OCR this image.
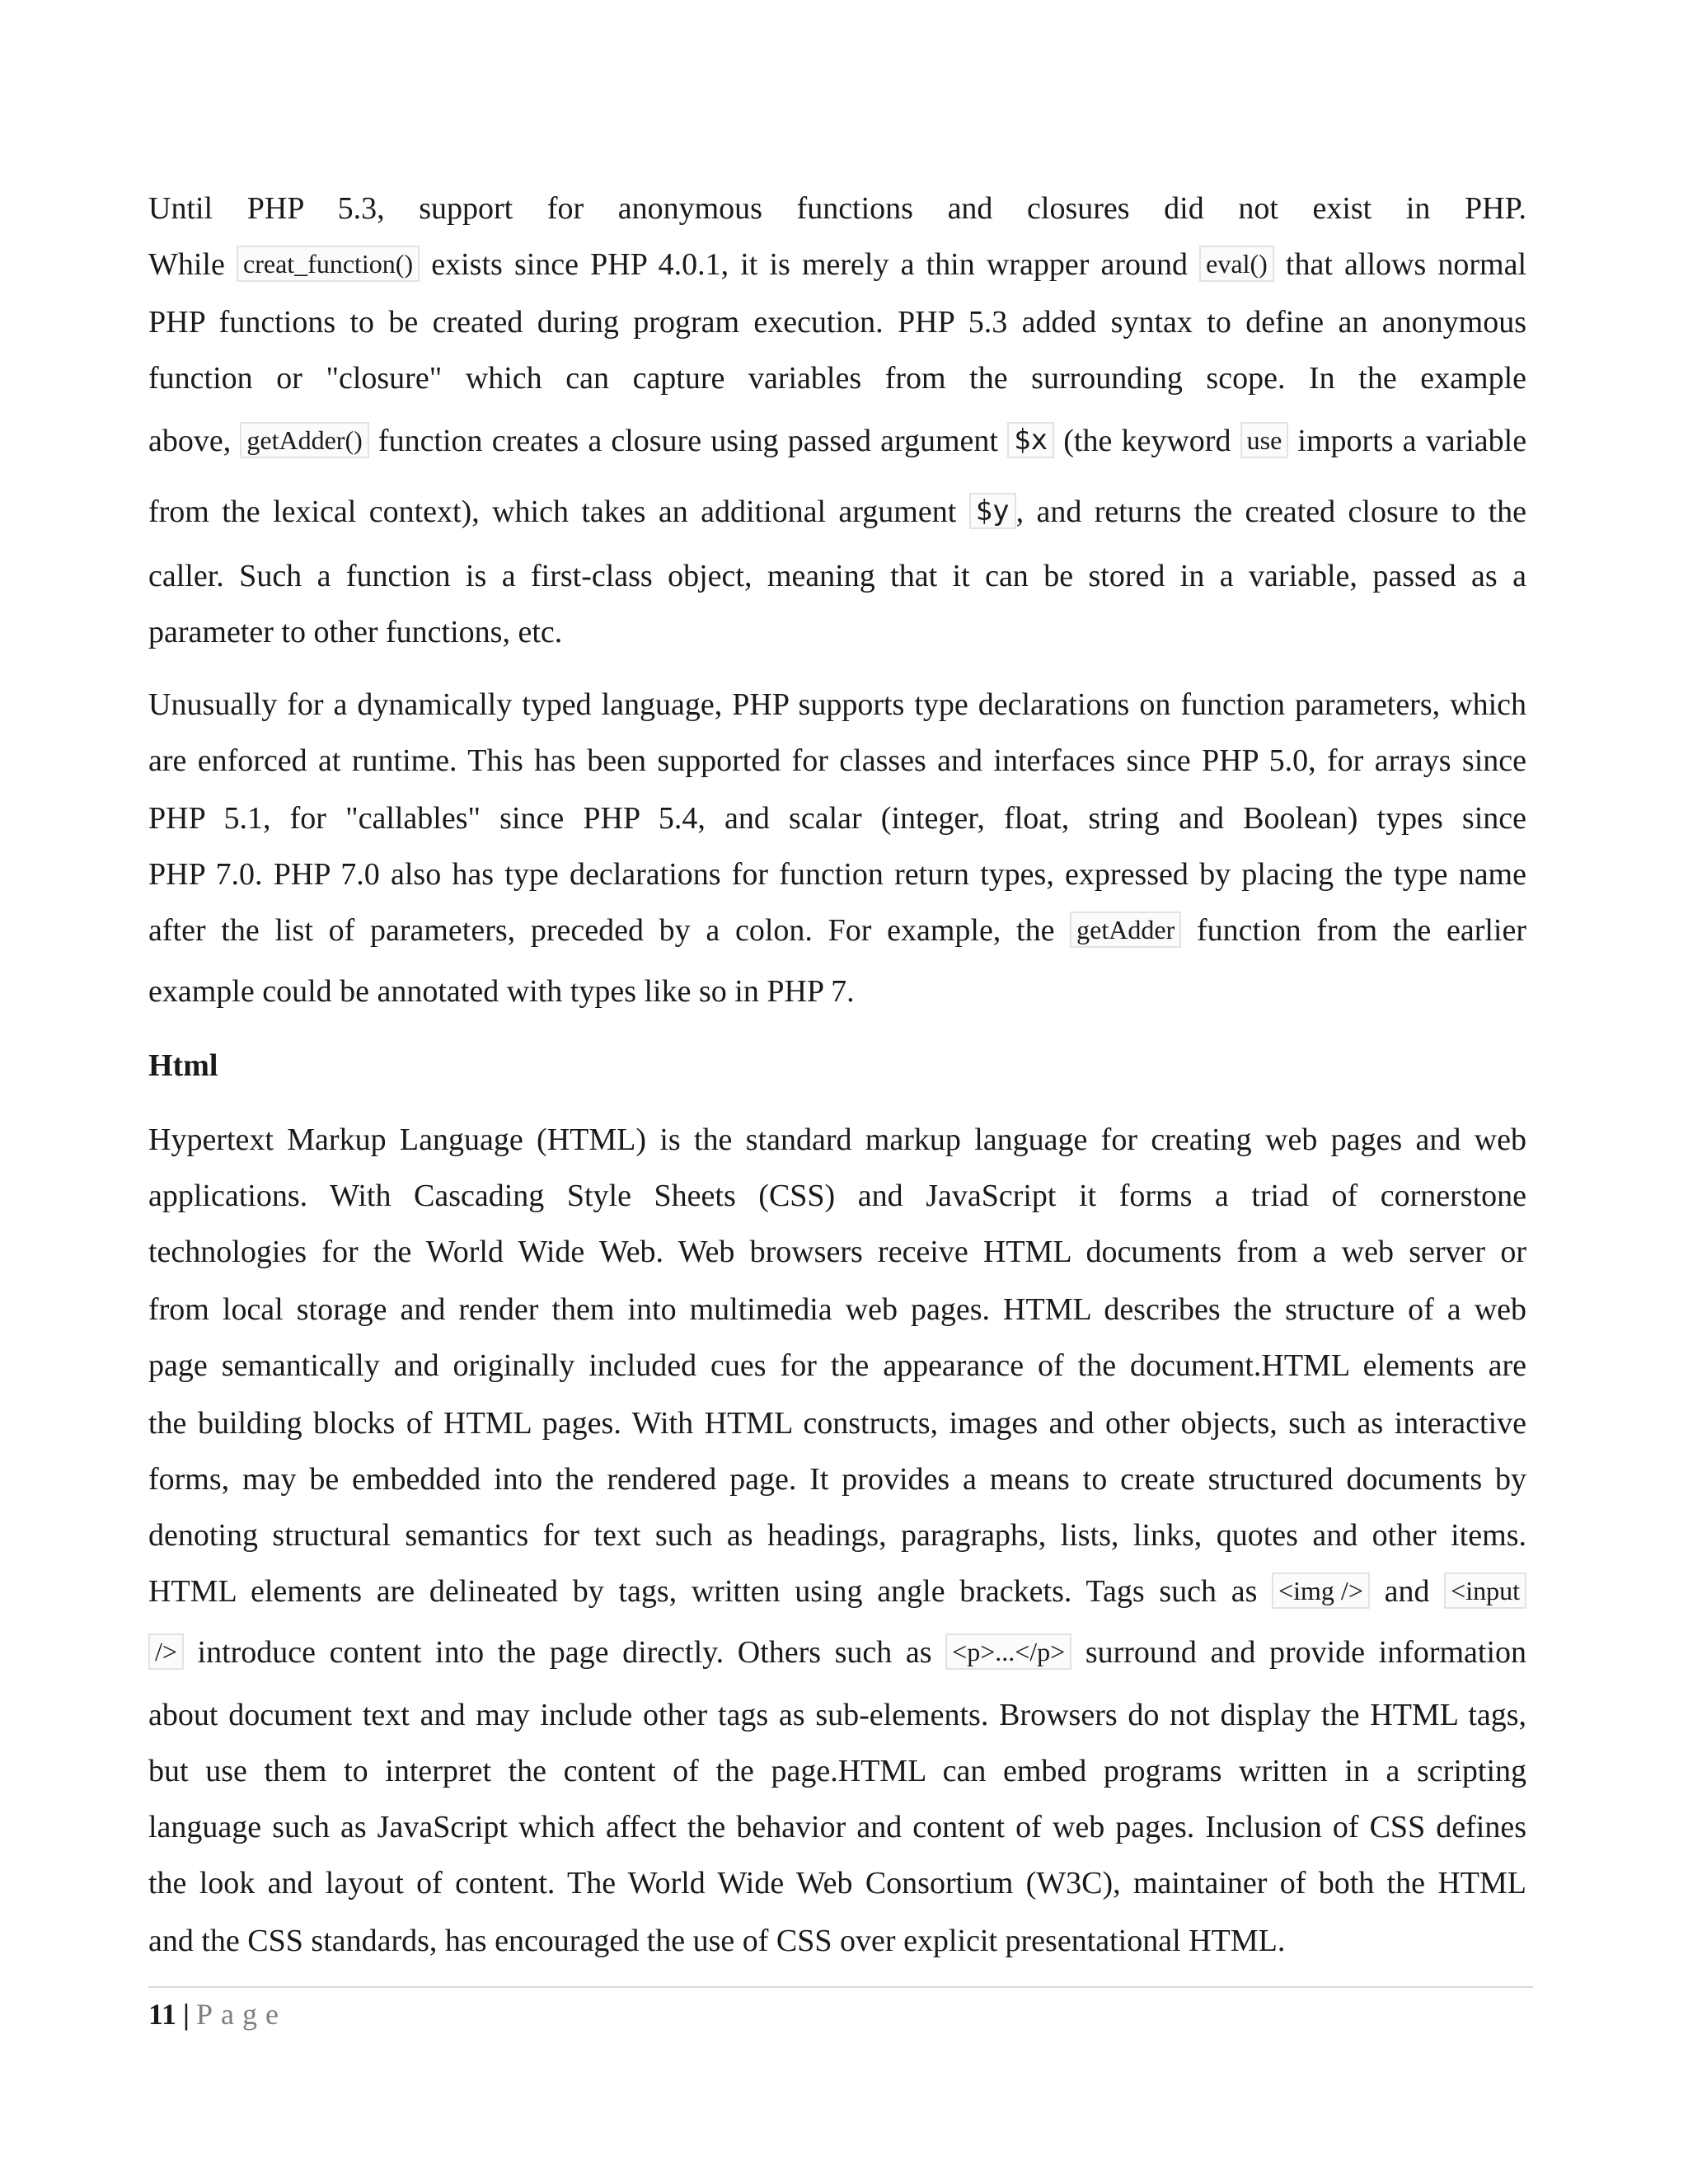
Until PHP 5.3, support for anonymous functions and closures did not exist in PHP.
While creat_function() exists since PHP 4.0.1, it is merely a thin wrapper around eval() that allows normal
PHP functions to be created during program execution. PHP 5.3 added syntax to define an anonymous
function or "closure" which can capture variables from the surrounding scope. In the example
above, getAdder() function creates a closure using passed argument $x (the keyword use imports a variable
from the lexical context), which takes an additional argument $y , and returns the created closure to the
caller. Such a function is a first-class object, meaning that it can be stored in a variable, passed as a
parameter to other functions, etc.
Unusually for a dynamically typed language, PHP supports type declarations on function parameters, which
are enforced at runtime. This has been supported for classes and interfaces since PHP 5.0, for arrays since
PHP 5.1, for "callables" since PHP 5.4, and scalar (integer, float, string and Boolean) types since
PHP 7.0. PHP 7.0 also has type declarations for function return types, expressed by placing the type name
after the list of parameters, preceded by a colon. For example, the getAdder function from the earlier
example could be annotated with types like so in PHP 7.
Html
Hypertext Markup Language (HTML) is the standard markup language for creating web pages and web
applications. With Cascading Style Sheets (CSS) and JavaScript it forms a triad of cornerstone
technologies for the World Wide Web. Web browsers receive HTML documents from a web server or
from local storage and render them into multimedia web pages. HTML describes the structure of a web
page semantically and originally included cues for the appearance of the document.HTML elements are
the building blocks of HTML pages. With HTML constructs, images and other objects, such as interactive
forms, may be embedded into the rendered page. It provides a means to create structured documents by
denoting structural semantics for text such as headings, paragraphs, lists, links, quotes and other items.
HTML elements are delineated by tags, written using angle brackets. Tags such as <img /> and <input
/> introduce content into the page directly. Others such as <p>...</p> surround and provide information
about document text and may include other tags as sub-elements. Browsers do not display the HTML tags,
but use them to interpret the content of the page.HTML can embed programs written in a scripting
language such as JavaScript which affect the behavior and content of web pages. Inclusion of CSS defines
the look and layout of content. The World Wide Web Consortium (W3C), maintainer of both the HTML
and the CSS standards, has encouraged the use of CSS over explicit presentational HTML.
11 | Page
